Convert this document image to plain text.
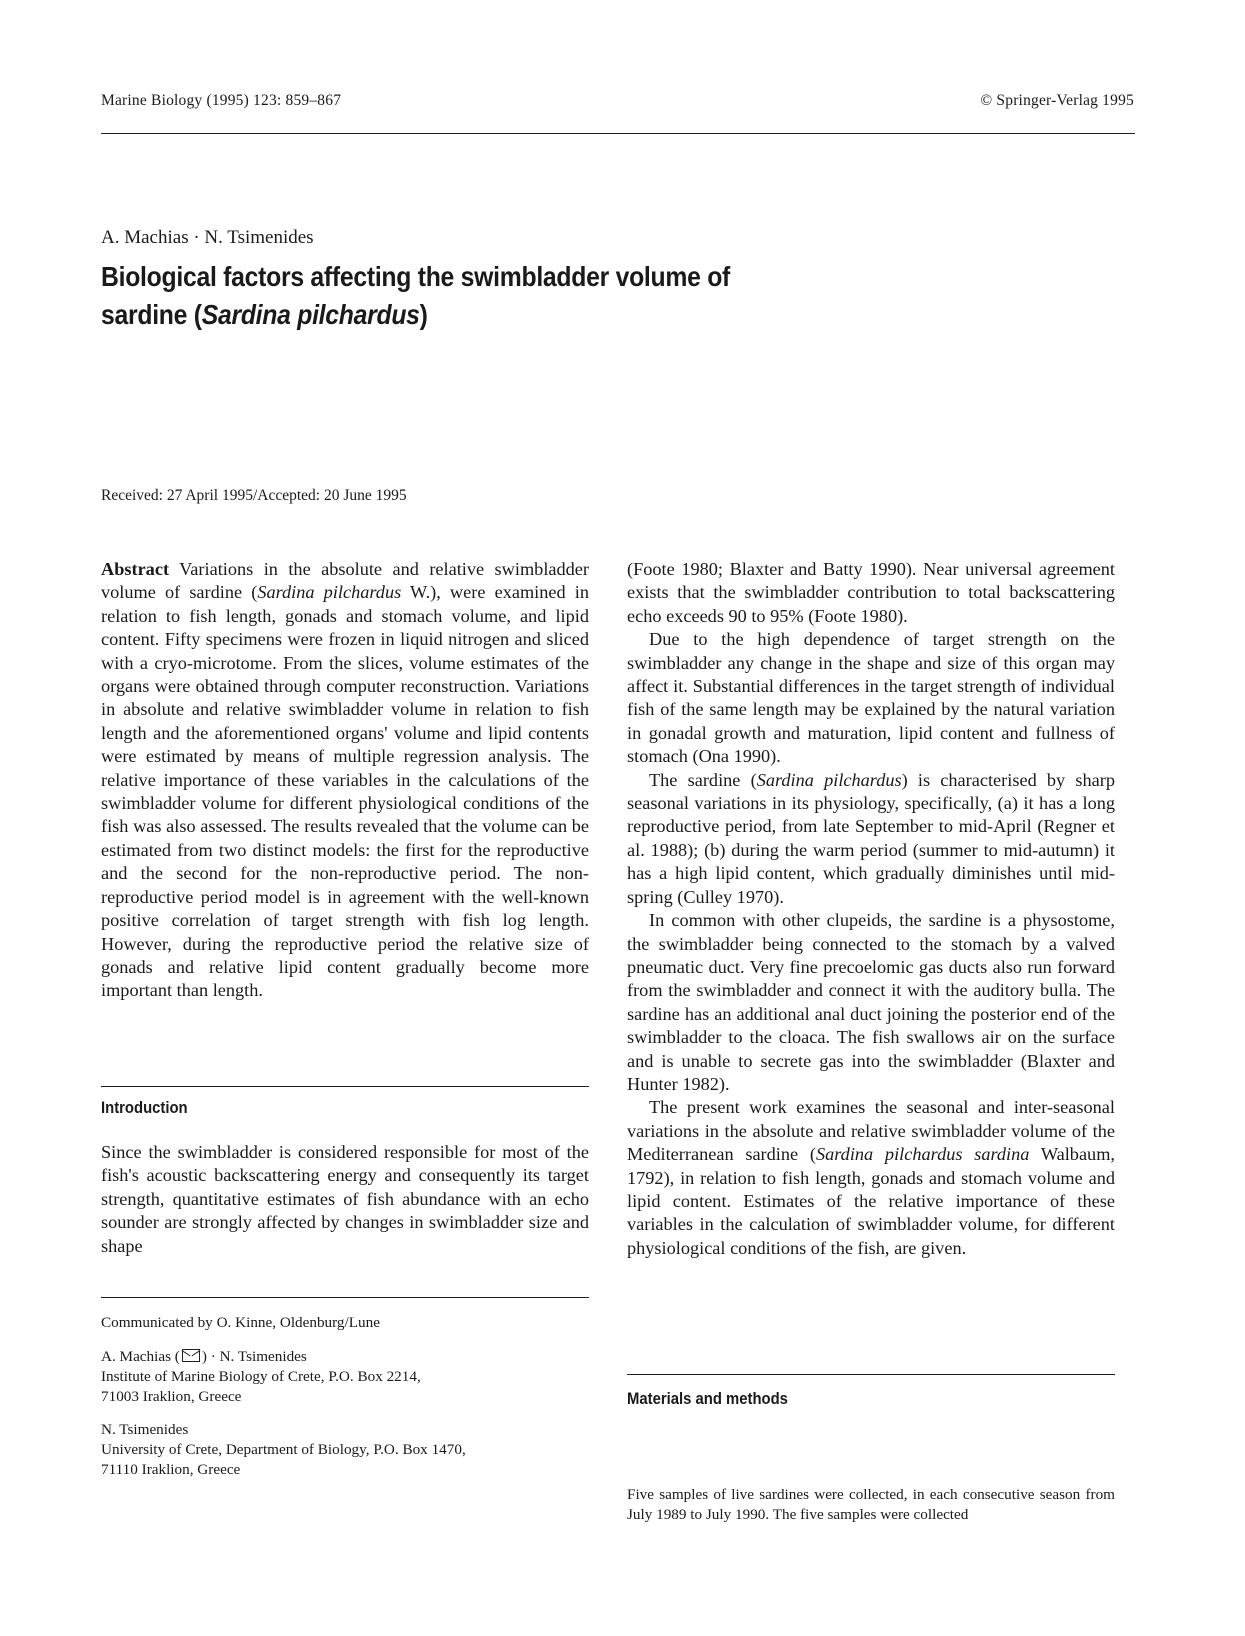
Marine Biology (1995) 123: 859–867	© Springer-Verlag 1995
A. Machias · N. Tsimenides
Biological factors affecting the swimbladder volume of
sardine (Sardina pilchardus)
Received: 27 April 1995/Accepted: 20 June 1995

Abstract Variations in the absolute and relative swimbladder volume of sardine (Sardina pilchardus W.), were examined in relation to fish length, gonads and stomach volume, and lipid content. Fifty specimens were frozen in liquid nitrogen and sliced with a cryo-microtome. From the slices, volume estimates of the organs were obtained through computer reconstruction. Variations in absolute and relative swimbladder volume in relation to fish length and the aforementioned organs' volume and lipid contents were estimated by means of multiple regression analysis. The relative importance of these variables in the calculations of the swimbladder volume for different physiological conditions of the fish was also assessed. The results revealed that the volume can be estimated from two distinct models: the first for the reproductive and the second for the non-reproductive period. The non-reproductive period model is in agreement with the well-known positive correlation of target strength with fish log length. However, during the reproductive period the relative size of gonads and relative lipid content gradually become more important than length.

Introduction

Since the swimbladder is considered responsible for most of the fish's acoustic backscattering energy and consequently its target strength, quantitative estimates of fish abundance with an echo sounder are strongly affected by changes in swimbladder size and shape

Communicated by O. Kinne, Oldenburg/Lune
A. Machias ( ) · N. Tsimenides
Institute of Marine Biology of Crete, P.O. Box 2214,
71003 Iraklion, Greece
N. Tsimenides
University of Crete, Department of Biology, P.O. Box 1470,
71110 Iraklion, Greece

(Foote 1980; Blaxter and Batty 1990). Near universal agreement exists that the swimbladder contribution to total backscattering echo exceeds 90 to 95% (Foote 1980).

Due to the high dependence of target strength on the swimbladder any change in the shape and size of this organ may affect it. Substantial differences in the target strength of individual fish of the same length may be explained by the natural variation in gonadal growth and maturation, lipid content and fullness of stomach (Ona 1990).

The sardine (Sardina pilchardus) is characterised by sharp seasonal variations in its physiology, specifically, (a) it has a long reproductive period, from late September to mid-April (Regner et al. 1988); (b) during the warm period (summer to mid-autumn) it has a high lipid content, which gradually diminishes until mid-spring (Culley 1970).

In common with other clupeids, the sardine is a physostome, the swimbladder being connected to the stomach by a valved pneumatic duct. Very fine precoelomic gas ducts also run forward from the swimbladder and connect it with the auditory bulla. The sardine has an additional anal duct joining the posterior end of the swimbladder to the cloaca. The fish swallows air on the surface and is unable to secrete gas into the swimbladder (Blaxter and Hunter 1982).

The present work examines the seasonal and inter-seasonal variations in the absolute and relative swimbladder volume of the Mediterranean sardine (Sardina pilchardus sardina Walbaum, 1792), in relation to fish length, gonads and stomach volume and lipid content. Estimates of the relative importance of these variables in the calculation of swimbladder volume, for different physiological conditions of the fish, are given.

Materials and methods
Five samples of live sardines were collected, in each consecutive season from July 1989 to July 1990. The five samples were collected
